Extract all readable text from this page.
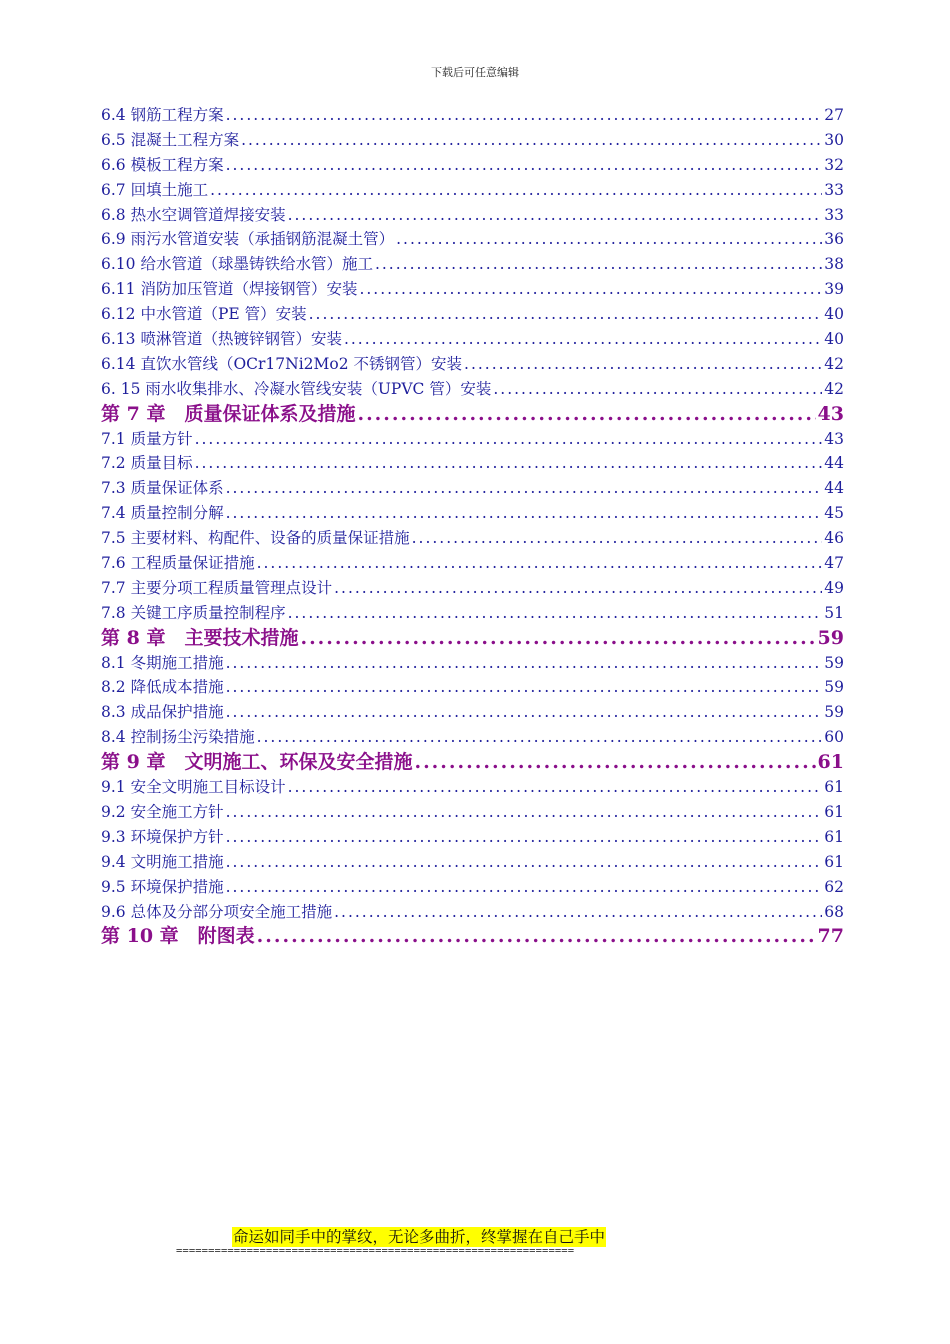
下载后可任意编辑
6.4 钢筋工程方案 .....	27
6.5 混凝土工程方案 .....	30
6.6 模板工程方案 .....	32
6.7 回填土施工 .....	33
6.8 热水空调管道焊接安装 .....	33
6.9 雨污水管道安装（承插钢筋混凝土管） .....	36
6.10 给水管道（球墨铸铁给水管）施工 .....	38
6.11 消防加压管道（焊接钢管）安装 .....	39
6.12 中水管道（PE 管）安装 .....	40
6.13 喷淋管道（热镀锌钢管）安装 .....	40
6.14 直饮水管线（OCr17Ni2Mo2 不锈钢管）安装 .....	42
6. 15 雨水收集排水、冷凝水管线安装（UPVC 管）安装 .....	42
第 7 章　质量保证体系及措施 .....	43
7.1 质量方针 .....	43
7.2 质量目标 .....	44
7.3 质量保证体系 .....	44
7.4 质量控制分解 .....	45
7.5 主要材料、构配件、设备的质量保证措施 .....	46
7.6 工程质量保证措施 .....	47
7.7 主要分项工程质量管理点设计 .....	49
7.8 关键工序质量控制程序 .....	51
第 8 章　主要技术措施 .....	59
8.1 冬期施工措施 .....	59
8.2 降低成本措施 .....	59
8.3 成品保护措施 .....	59
8.4 控制扬尘污染措施 .....	60
第 9 章　文明施工、环保及安全措施 .....	61
9.1 安全文明施工目标设计 .....	61
9.2 安全施工方针 .....	61
9.3 环境保护方针 .....	61
9.4 文明施工措施 .....	61
9.5 环境保护措施 .....	62
9.6 总体及分部分项安全施工措施 .....	68
第 10 章　附图表 .....	77
命运如同手中的掌纹，无论多曲折，终掌握在自己手中
==============================================================
